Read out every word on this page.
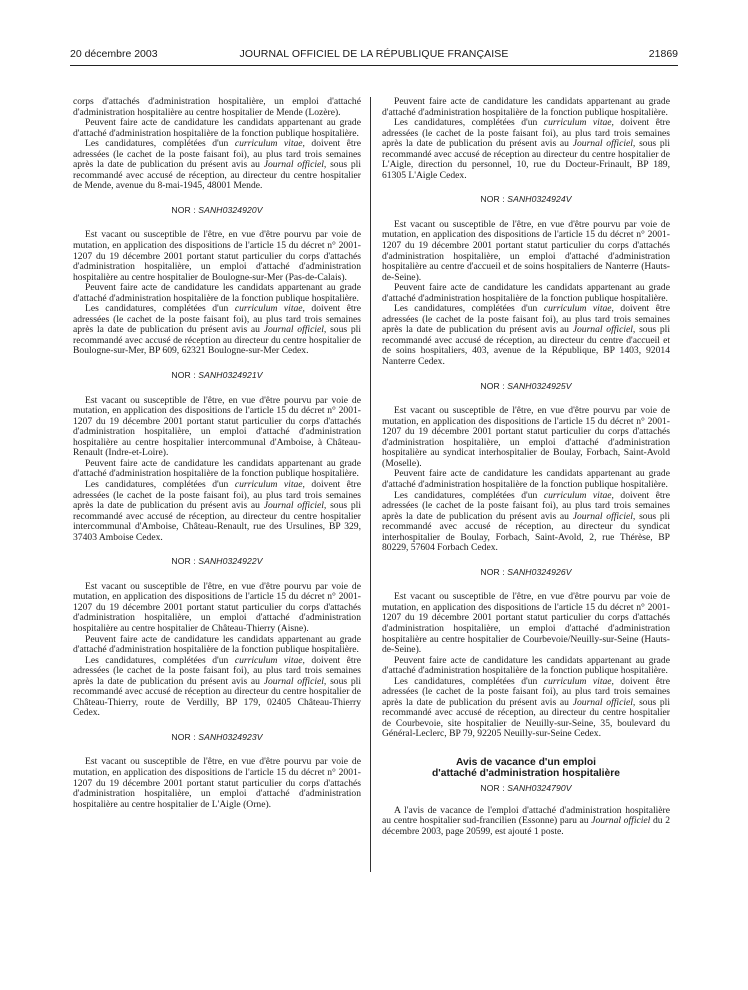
20 décembre 2003	JOURNAL OFFICIEL DE LA RÉPUBLIQUE FRANÇAISE	21869

corps d'attachés d'administration hospitalière, un emploi d'attaché d'administration hospitalière au centre hospitalier de Mende (Lozère).

Peuvent faire acte de candidature les candidats appartenant au grade d'attaché d'administration hospitalière de la fonction publique hospitalière.

Les candidatures, complétées d'un curriculum vitae, doivent être adressées (le cachet de la poste faisant foi), au plus tard trois semaines après la date de publication du présent avis au Journal officiel, sous pli recommandé avec accusé de réception, au directeur du centre hospitalier de Mende, avenue du 8-mai-1945, 48001 Mende.

NOR : SANH0324920V

Est vacant ou susceptible de l'être, en vue d'être pourvu par voie de mutation, en application des dispositions de l'article 15 du décret n° 2001-1207 du 19 décembre 2001 portant statut particulier du corps d'attachés d'administration hospitalière, un emploi d'attaché d'administration hospitalière au centre hospitalier de Boulogne-sur-Mer (Pas-de-Calais).

Peuvent faire acte de candidature les candidats appartenant au grade d'attaché d'administration hospitalière de la fonction publique hospitalière.

Les candidatures, complétées d'un curriculum vitae, doivent être adressées (le cachet de la poste faisant foi), au plus tard trois semaines après la date de publication du présent avis au Journal officiel, sous pli recommandé avec accusé de réception au directeur du centre hospitalier de Boulogne-sur-Mer, BP 609, 62321 Boulogne-sur-Mer Cedex.

NOR : SANH0324921V

Est vacant ou susceptible de l'être, en vue d'être pourvu par voie de mutation, en application des dispositions de l'article 15 du décret n° 2001-1207 du 19 décembre 2001 portant statut particulier du corps d'attachés d'administration hospitalière, un emploi d'attaché d'administration hospitalière au centre hospitalier intercommunal d'Amboise, à Château-Renault (Indre-et-Loire).

Peuvent faire acte de candidature les candidats appartenant au grade d'attaché d'administration hospitalière de la fonction publique hospitalière.

Les candidatures, complétées d'un curriculum vitae, doivent être adressées (le cachet de la poste faisant foi), au plus tard trois semaines après la date de publication du présent avis au Journal officiel, sous pli recommandé avec accusé de réception, au directeur du centre hospitalier intercommunal d'Amboise, Château-Renault, rue des Ursulines, BP 329, 37403 Amboise Cedex.

NOR : SANH0324922V

Est vacant ou susceptible de l'être, en vue d'être pourvu par voie de mutation, en application des dispositions de l'article 15 du décret n° 2001-1207 du 19 décembre 2001 portant statut particulier du corps d'attachés d'administration hospitalière, un emploi d'attaché d'administration hospitalière au centre hospitalier de Château-Thierry (Aisne).

Peuvent faire acte de candidature les candidats appartenant au grade d'attaché d'administration hospitalière de la fonction publique hospitalière.

Les candidatures, complétées d'un curriculum vitae, doivent être adressées (le cachet de la poste faisant foi), au plus tard trois semaines après la date de publication du présent avis au Journal officiel, sous pli recommandé avec accusé de réception au directeur du centre hospitalier de Château-Thierry, route de Verdilly, BP 179, 02405 Château-Thierry Cedex.

NOR : SANH0324923V

Est vacant ou susceptible de l'être, en vue d'être pourvu par voie de mutation, en application des dispositions de l'article 15 du décret n° 2001-1207 du 19 décembre 2001 portant statut particulier du corps d'attachés d'administration hospitalière, un emploi d'attaché d'administration hospitalière au centre hospitalier de L'Aigle (Orne).

Peuvent faire acte de candidature les candidats appartenant au grade d'attaché d'administration hospitalière de la fonction publique hospitalière.

Les candidatures, complétées d'un curriculum vitae, doivent être adressées (le cachet de la poste faisant foi), au plus tard trois semaines après la date de publication du présent avis au Journal officiel, sous pli recommandé avec accusé de réception au directeur du centre hospitalier de L'Aigle, direction du personnel, 10, rue du Docteur-Frinault, BP 189, 61305 L'Aigle Cedex.

NOR : SANH0324924V

Est vacant ou susceptible de l'être, en vue d'être pourvu par voie de mutation, en application des dispositions de l'article 15 du décret n° 2001-1207 du 19 décembre 2001 portant statut particulier du corps d'attachés d'administration hospitalière, un emploi d'attaché d'administration hospitalière au centre d'accueil et de soins hospitaliers de Nanterre (Hauts-de-Seine).

Peuvent faire acte de candidature les candidats appartenant au grade d'attaché d'administration hospitalière de la fonction publique hospitalière.

Les candidatures, complétées d'un curriculum vitae, doivent être adressées (le cachet de la poste faisant foi), au plus tard trois semaines après la date de publication du présent avis au Journal officiel, sous pli recommandé avec accusé de réception, au directeur du centre d'accueil et de soins hospitaliers, 403, avenue de la République, BP 1403, 92014 Nanterre Cedex.

NOR : SANH0324925V

Est vacant ou susceptible de l'être, en vue d'être pourvu par voie de mutation, en application des dispositions de l'article 15 du décret n° 2001-1207 du 19 décembre 2001 portant statut particulier du corps d'attachés d'administration hospitalière, un emploi d'attaché d'administration hospitalière au syndicat interhospitalier de Boulay, Forbach, Saint-Avold (Moselle).

Peuvent faire acte de candidature les candidats appartenant au grade d'attaché d'administration hospitalière de la fonction publique hospitalière.

Les candidatures, complétées d'un curriculum vitae, doivent être adressées (le cachet de la poste faisant foi), au plus tard trois semaines après la date de publication du présent avis au Journal officiel, sous pli recommandé avec accusé de réception, au directeur du syndicat interhospitalier de Boulay, Forbach, Saint-Avold, 2, rue Thérèse, BP 80229, 57604 Forbach Cedex.

NOR : SANH0324926V

Est vacant ou susceptible de l'être, en vue d'être pourvu par voie de mutation, en application des dispositions de l'article 15 du décret n° 2001-1207 du 19 décembre 2001 portant statut particulier du corps d'attachés d'administration hospitalière, un emploi d'attaché d'administration hospitalière au centre hospitalier de Courbevoie/Neuilly-sur-Seine (Hauts-de-Seine).

Peuvent faire acte de candidature les candidats appartenant au grade d'attaché d'administration hospitalière de la fonction publique hospitalière.

Les candidatures, complétées d'un curriculum vitae, doivent être adressées (le cachet de la poste faisant foi), au plus tard trois semaines après la date de publication du présent avis au Journal officiel, sous pli recommandé avec accusé de réception, au directeur du centre hospitalier de Courbevoie, site hospitalier de Neuilly-sur-Seine, 35, boulevard du Général-Leclerc, BP 79, 92205 Neuilly-sur-Seine Cedex.

Avis de vacance d'un emploi
d'attaché d'administration hospitalière
NOR : SANH0324790V

A l'avis de vacance de l'emploi d'attaché d'administration hospitalière au centre hospitalier sud-francilien (Essonne) paru au Journal officiel du 2 décembre 2003, page 20599, est ajouté 1 poste.
